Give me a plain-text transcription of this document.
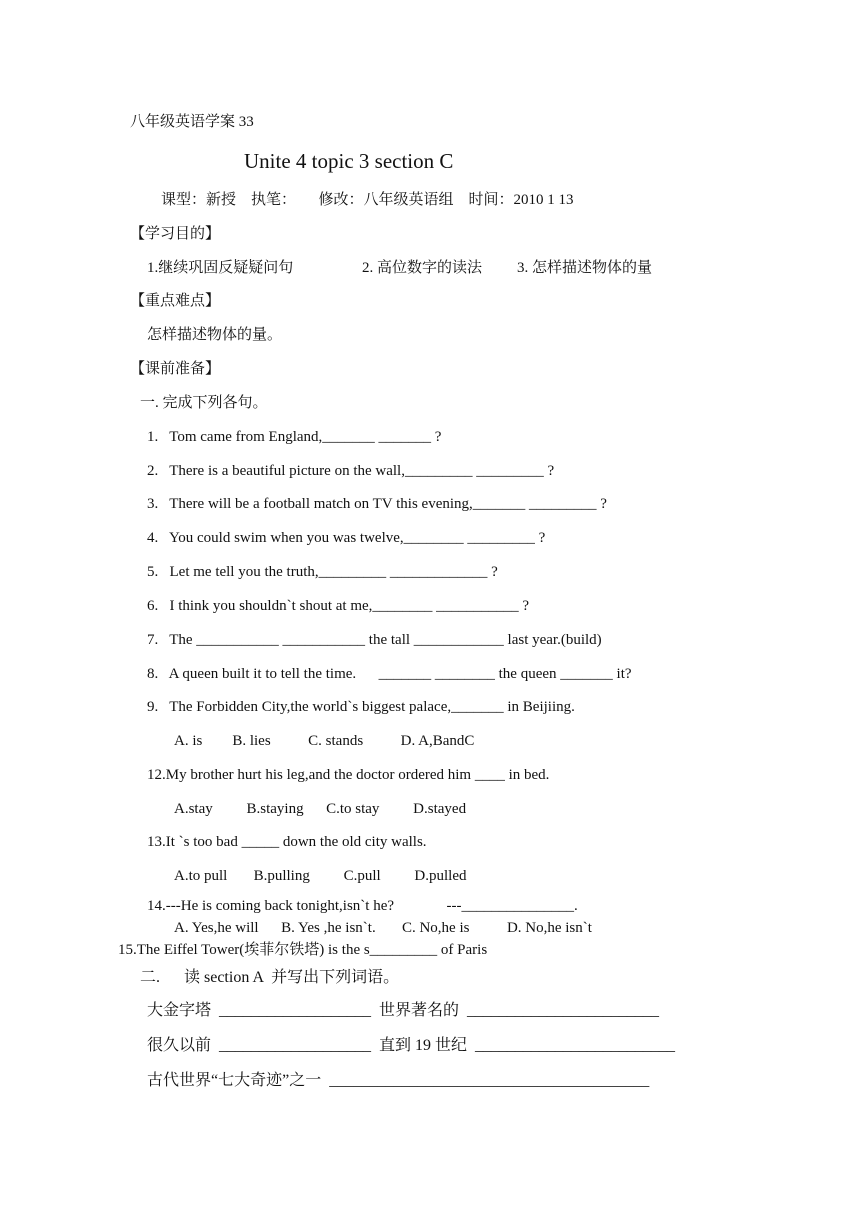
八年级英语学案 33
Unite 4 topic 3 section C
课型：新授    执笔：      修改：八年级英语组    时间：2010 1 13
【学习目的】
1.继续巩固反疑疑问句	2. 高位数字的读法 3. 怎样描述物体的量
【重点难点】
怎样描述物体的量。
【课前准备】
一. 完成下列各句。
1.   Tom came from England,_______ _______ ?
2.   There is a beautiful picture on the wall,_________ _________ ?
3.   There will be a football match on TV this evening,_______ _________ ?
4.   You could swim when you was twelve,________ _________ ?
5.   Let me tell you the truth,_________ _____________ ?
6.   I think you shouldn`t shout at me,________ ___________ ?
7.   The ___________ ___________ the tall ____________ last year.(build)
8.   A queen built it to tell the time.      _______ ________ the queen _______ it?
9.   The Forbidden City,the world`s biggest palace,_______ in Beijiing.
A. is        B. lies          C. stands          D. A,BandC
12.My brother hurt his leg,and the doctor ordered him ____ in bed.
A.stay         B.staying      C.to stay         D.stayed
13.It `s too bad _____ down the old city walls.
A.to pull       B.pulling         C.pull         D.pulled
14.---He is coming back tonight,isn`t he?              ---_______________.
A. Yes,he will      B. Yes ,he isn`t.       C. No,he is          D. No,he isn`t
15.The Eiffel Tower(埃菲尔铁塔) is the s_________ of Paris
二.      读 section A  并写出下列词语。
大金字塔  ___________________  世界著名的  ________________________
很久以前  ___________________  直到 19 世纪  _________________________
古代世界“七大奇迹”之一  ________________________________________
